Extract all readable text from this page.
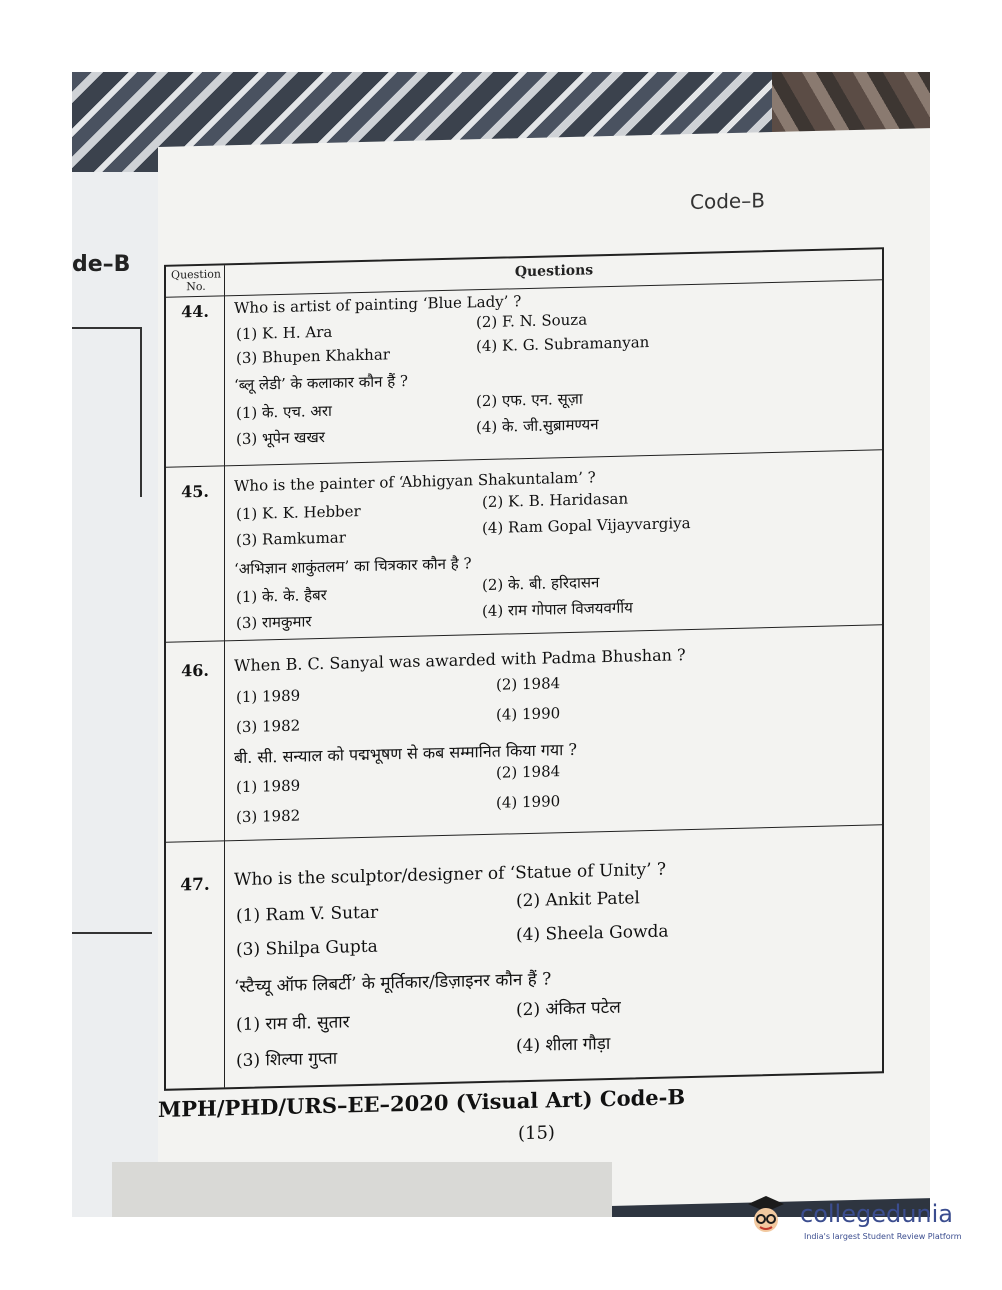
de–B
Code–B
Question No.
Questions
44.	Who is artist of painting ‘Blue Lady’ ?
(1) K. H. Ara
(2) F. N. Souza
(3) Bhupen Khakhar
(4) K. G. Subramanyan
‘ब्लू लेडी’ के कलाकार कौन हैं ?
(1) के. एच. अरा
(2) एफ. एन. सूज़ा
(3) भूपेन खखर
(4) के. जी.सुब्रामण्यन
45.	Who is the painter of ‘Abhigyan Shakuntalam’ ?
(1) K. K. Hebber
(2) K. B. Haridasan
(3) Ramkumar
(4) Ram Gopal Vijayvargiya
‘अभिज्ञान शाकुंतलम’ का चित्रकार कौन है ?
(1) के. के. हैबर
(2) के. बी. हरिदासन
(3) रामकुमार
(4) राम गोपाल विजयवर्गीय
46.	When B. C. Sanyal was awarded with Padma Bhushan ?
(1) 1989
(2) 1984
(3) 1982
(4) 1990
बी. सी. सन्याल को पद्मभूषण से कब सम्मानित किया गया ?
(1) 1989
(2) 1984
(3) 1982
(4) 1990
47.	Who is the sculptor/designer of ‘Statue of Unity’ ?
(1) Ram V. Sutar
(2) Ankit Patel
(3) Shilpa Gupta
(4) Sheela Gowda
‘स्टैच्यू ऑफ लिबर्टी’ के मूर्तिकार/डिज़ाइनर कौन हैं ?
(1) राम वी. सुतार
(2) अंकित पटेल
(3) शिल्पा गुप्ता
(4) शीला गौड़ा
MPH/PHD/URS–EE–2020 (Visual Art) Code-B
(15)
collegedunia
India's largest Student Review Platform
